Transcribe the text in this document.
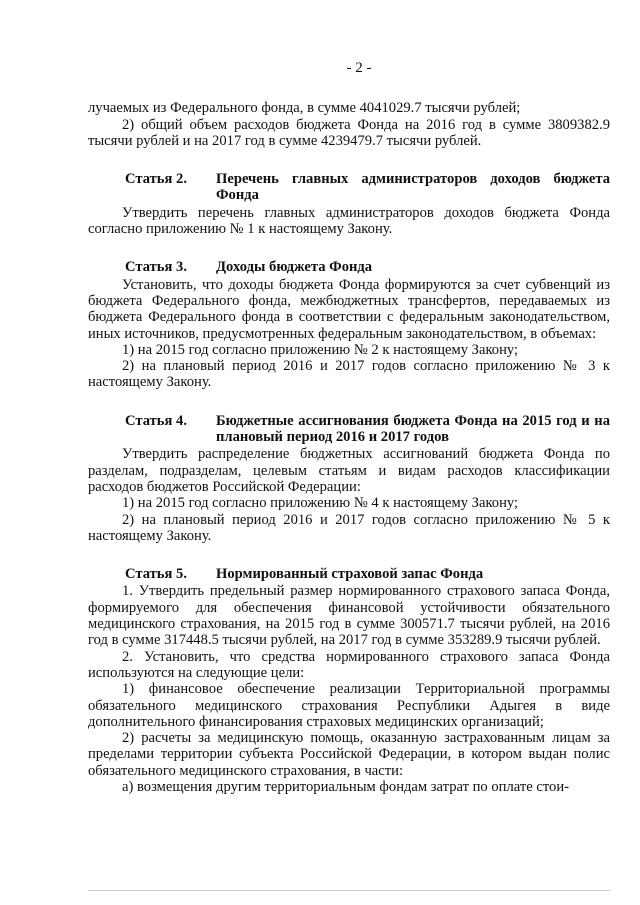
- 2 -

лучаемых из Федерального фонда, в сумме 4041029.7 тысячи рублей;

2) общий объем расходов бюджета Фонда на 2016 год в сумме 3809382.9 тысячи рублей и на 2017 год в сумме 4239479.7 тысячи рублей.

Статья 2.	Перечень главных администраторов доходов бюджета Фонда

Утвердить перечень главных администраторов доходов бюджета Фонда согласно приложению № 1 к настоящему Закону.

Статья 3.	Доходы бюджета Фонда

Установить, что доходы бюджета Фонда формируются за счет субвенций из бюджета Федерального фонда, межбюджетных трансфертов, передаваемых из бюджета Федерального фонда в соответствии с федеральным законодательством, иных источников, предусмотренных федеральным законодательством, в объемах:

1) на 2015 год согласно приложению № 2 к настоящему Закону;

2) на плановый период 2016 и 2017 годов согласно приложению № 3 к настоящему Закону.

Статья 4.	Бюджетные ассигнования бюджета Фонда на 2015 год и на плановый период 2016 и 2017 годов

Утвердить распределение бюджетных ассигнований бюджета Фонда по разделам, подразделам, целевым статьям и видам расходов классификации расходов бюджетов Российской Федерации:

1) на 2015 год согласно приложению № 4 к настоящему Закону;

2) на плановый период 2016 и 2017 годов согласно приложению № 5 к настоящему Закону.

Статья 5.	Нормированный страховой запас Фонда

1. Утвердить предельный размер нормированного страхового запаса Фонда, формируемого для обеспечения финансовой устойчивости обязательного медицинского страхования, на 2015 год в сумме 300571.7 тысячи рублей, на 2016 год в сумме 317448.5 тысячи рублей, на 2017 год в сумме 353289.9 тысячи рублей.

2. Установить, что средства нормированного страхового запаса Фонда используются на следующие цели:

1) финансовое обеспечение реализации Территориальной программы обязательного медицинского страхования Республики Адыгея в виде дополнительного финансирования страховых медицинских организаций;

2) расчеты за медицинскую помощь, оказанную застрахованным лицам за пределами территории субъекта Российской Федерации, в котором выдан полис обязательного медицинского страхования, в части:

а) возмещения другим территориальным фондам затрат по оплате стои-
